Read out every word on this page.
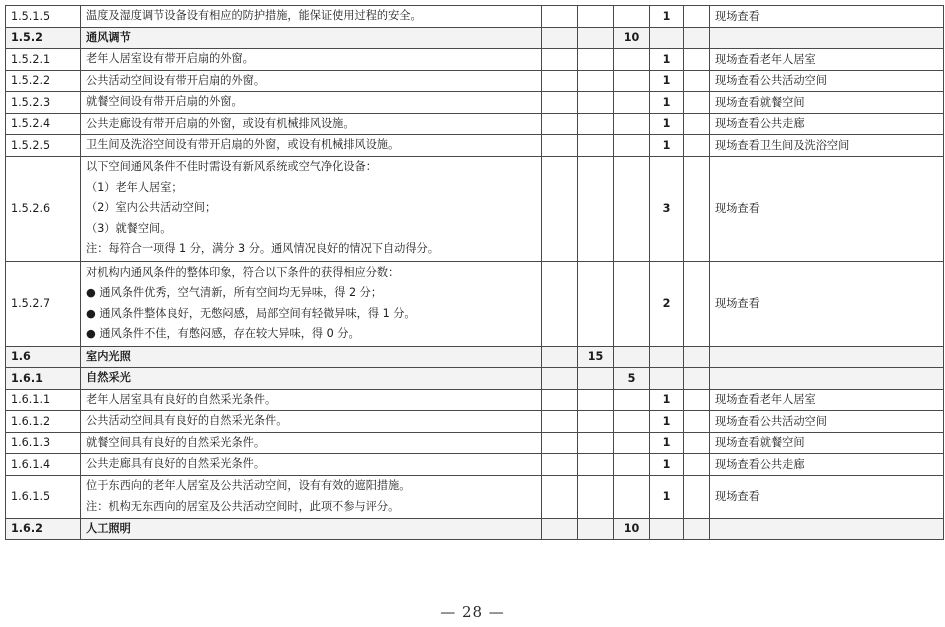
1.5.1.5	温度及湿度调节设备设有相应的防护措施，能保证使用过程的安全。				1		现场查看
1.5.2	通风调节			10			
1.5.2.1	老年人居室设有带开启扇的外窗。				1		现场查看老年人居室
1.5.2.2	公共活动空间设有带开启扇的外窗。				1		现场查看公共活动空间
1.5.2.3	就餐空间设有带开启扇的外窗。				1		现场查看就餐空间
1.5.2.4	公共走廊设有带开启扇的外窗，或设有机械排风设施。				1		现场查看公共走廊
1.5.2.5	卫生间及洗浴空间设有带开启扇的外窗，或设有机械排风设施。				1		现场查看卫生间及洗浴空间
1.5.2.6	以下空间通风条件不佳时需设有新风系统或空气净化设备：
（1）老年人居室；
（2）室内公共活动空间；
（3）就餐空间。
注：每符合一项得 1 分，满分 3 分。通风情况良好的情况下自动得分。				3		现场查看
1.5.2.7	对机构内通风条件的整体印象，符合以下条件的获得相应分数：
● 通风条件优秀，空气清新，所有空间均无异味，得 2 分；
● 通风条件整体良好，无憋闷感，局部空间有轻微异味，得 1 分。
● 通风条件不佳，有憋闷感，存在较大异味，得 0 分。				2		现场查看
1.6	室内光照		15				
1.6.1	自然采光			5			
1.6.1.1	老年人居室具有良好的自然采光条件。				1		现场查看老年人居室
1.6.1.2	公共活动空间具有良好的自然采光条件。				1		现场查看公共活动空间
1.6.1.3	就餐空间具有良好的自然采光条件。				1		现场查看就餐空间
1.6.1.4	公共走廊具有良好的自然采光条件。				1		现场查看公共走廊
1.6.1.5	位于东西向的老年人居室及公共活动空间，设有有效的遮阳措施。
注：机构无东西向的居室及公共活动空间时，此项不参与评分。				1		现场查看
1.6.2	人工照明			10			
— 28 —
